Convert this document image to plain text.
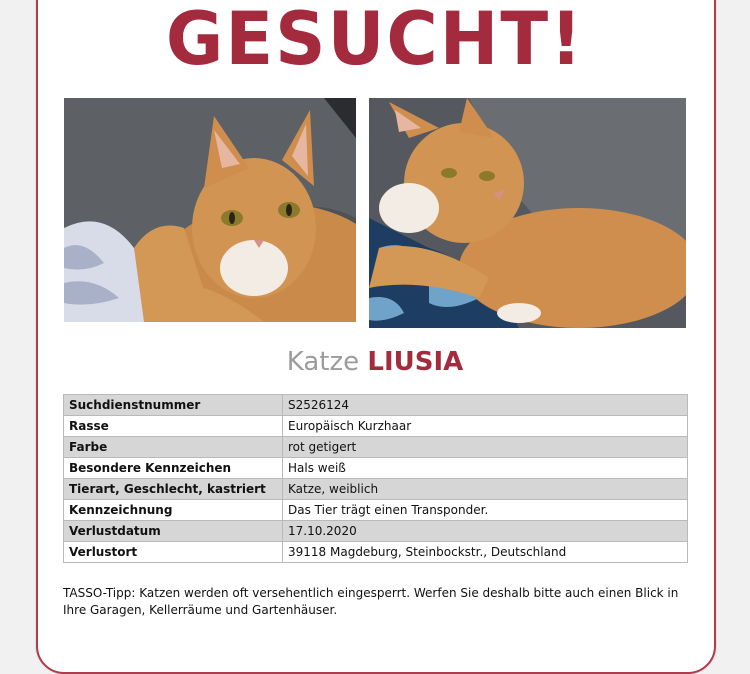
GESUCHT!
Katze LIUSIA
Suchdienstnummer	S2526124
Rasse	Europäisch Kurzhaar
Farbe	rot getigert
Besondere Kennzeichen	Hals weiß
Tierart, Geschlecht, kastriert	Katze, weiblich
Kennzeichnung	Das Tier trägt einen Transponder.
Verlustdatum	17.10.2020
Verlustort	39118 Magdeburg, Steinbockstr., Deutschland
TASSO-Tipp: Katzen werden oft versehentlich eingesperrt. Werfen Sie deshalb bitte auch einen Blick in
Ihre Garagen, Kellerräume und Gartenhäuser.
